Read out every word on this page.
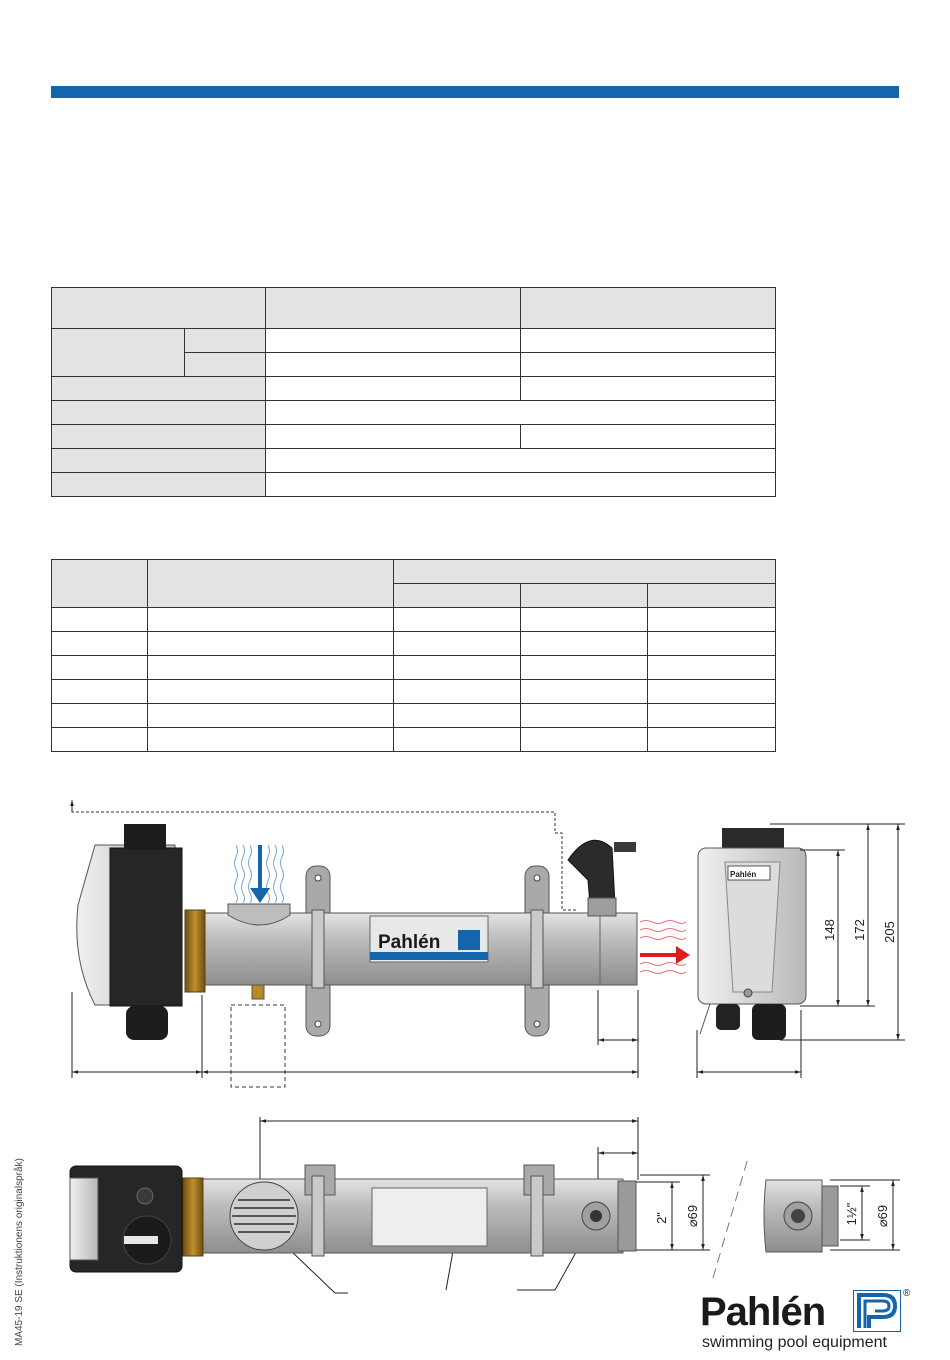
Pahlén
Pahlén
148 172 205
2" ⌀69	1½" ⌀69
MA45-19 SE (Instruktionens originalspråk)	Pahlén
swimming pool equipment
®
